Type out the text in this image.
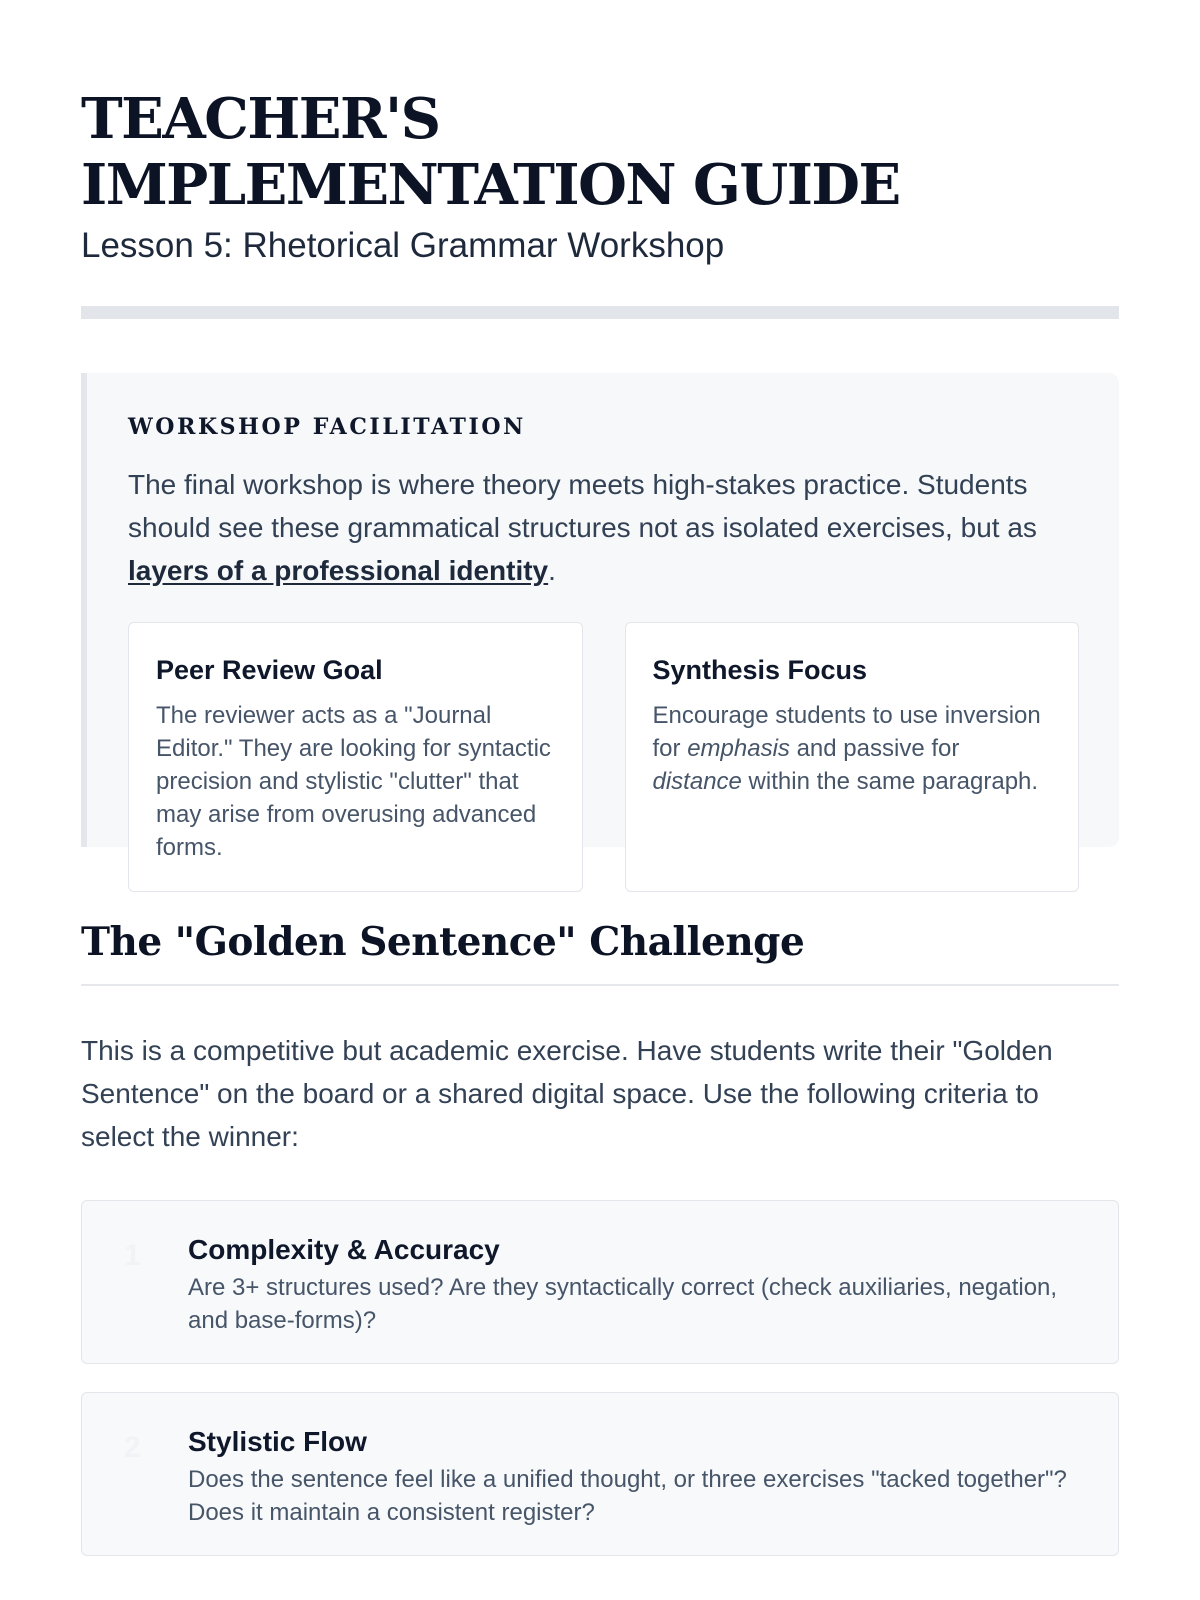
TEACHER'S
IMPLEMENTATION GUIDE

Lesson 5: Rhetorical Grammar Workshop

WORKSHOP FACILITATION

The final workshop is where theory meets high-stakes practice. Students should see these grammatical structures not as isolated exercises, but as layers of a professional identity.

Peer Review Goal

The reviewer acts as a "Journal Editor." They are looking for syntactic precision and stylistic "clutter" that may arise from overusing advanced forms.

Synthesis Focus

Encourage students to use inversion for emphasis and passive for distance within the same paragraph.

The "Golden Sentence" Challenge

This is a competitive but academic exercise. Have students write their "Golden Sentence" on the board or a shared digital space. Use the following criteria to select the winner:

1	Complexity & Accuracy

Are 3+ structures used? Are they syntactically correct (check auxiliaries, negation, and base-forms)?

2	Stylistic Flow

Does the sentence feel like a unified thought, or three exercises "tacked together"? Does it maintain a consistent register?
